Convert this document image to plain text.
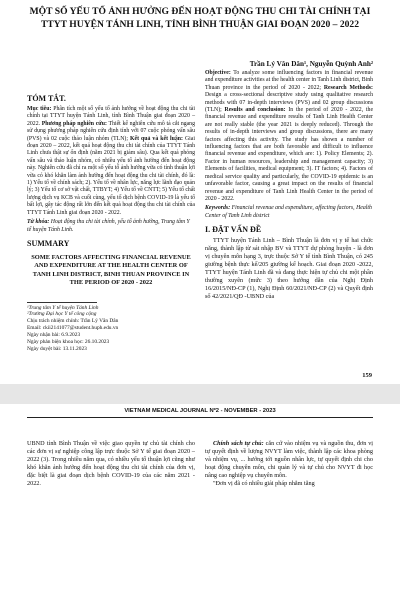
MỘT SỐ YẾU TỐ ẢNH HƯỞNG ĐẾN HOẠT ĐỘNG THU CHI TÀI CHÍNH TẠI TTYT HUYỆN TÁNH LINH, TỈNH BÌNH THUẬN GIAI ĐOẠN 2020 – 2022
Trần Lý Văn Dân¹, Nguyễn Quỳnh Anh²
TÓM TẮT.

Mục tiêu: Phân tích một số yếu tố ảnh hưởng về hoạt động thu chi tài chính tại TTYT huyện Tánh Linh, tỉnh Bình Thuận giai đoạn 2020 – 2022. Phương pháp nghiên cứu: Thiết kế nghiên cứu mô tả cắt ngang sử dụng phương pháp nghiên cứu định tính với 07 cuộc phỏng vấn sâu (PVS) và 02 cuộc thảo luận nhóm (TLN); Kết quả và kết luận: Giai đoạn 2020 – 2022, kết quả hoạt động thu chi tài chính của TTYT Tánh Linh chưa thật sự ổn định (năm 2021 bị giảm sâu). Qua kết quả phỏng vấn sâu và thảo luận nhóm, có nhiều yếu tố ảnh hưởng đến hoạt động này. Nghiên cứu đã chỉ ra một số yếu tố ảnh hưởng vừa có tính thuận lợi vừa có khó khăn làm ảnh hưởng đến hoạt động thu chi tài chính, đó là: 1) Yếu tố về chính sách; 2). Yếu tố về nhân lực, năng lực lãnh đạo quản lý; 3) Yếu tố cơ sở vật chất, TTBYT; 4) Yếu tố về CNTT; 5) Yếu tố chất lượng dịch vụ KCB và cuối cùng, yếu tố dịch bệnh COVID-19 là yếu tố bất lợi, gây tác động rất lớn đến kết quả hoạt động thu chi tài chính của TTYT Tánh Linh giai đoạn 2020 - 2022.

Từ khóa: Hoạt động thu chi tài chính, yếu tố ảnh hưởng, Trung tâm Y tế huyện Tánh Linh.
SUMMARY
SOME FACTORS AFFECTING FINANCIAL REVENUE AND EXPENDITURE AT THE HEALTH CENTER OF TANH LINH DISTRICT, BINH THUAN PROVINCE IN THE PERIOD OF 2020 - 2022
¹Trung tâm Y tế huyện Tánh Linh
²Trường Đại học Y tế công cộng
Chịu trách nhiệm chính: Trần Lý Văn Dân
Email: ckii2141077@student.huph.edu.vn
Ngày nhận bài: 6.9.2023
Ngày phản biện khoa học: 26.10.2023
Ngày duyệt bài: 13.11.2023

Objective: To analyze some influencing factors in financial revenue and expenditure activities at the health center in Tanh Linh district, Binh Thuan province in the period of 2020 - 2022; Research Methods: Design a cross-sectional descriptive study using qualitative research methods with 07 in-depth interviews (PVS) and 02 group discussions (TLN); Results and conclusion: In the period of 2020 - 2022, the financial revenue and expenditure results of Tanh Linh Health Center are not really stable (the year 2021 is deeply reduced). Through the results of in-depth interviews and group discussions, there are many factors affecting this activity. The study has shown a number of influencing factors that are both favorable and difficult to influence financial revenue and expenditure, which are: 1). Policy Elements; 2). Factor in human resources, leadership and management capacity; 3) Elements of facilities, medical equipment; 3). IT factors; 4). Factors of medical service quality and particularly, the COVID-19 epidemic is an unfavorable factor, causing a great impact on the results of financial revenue and expenditure of Tanh Linh Health Center in the period of 2020 - 2022.

Keywords: Financial revenue and expenditure, affecting factors, Health Center of Tanh Linh district
I. ĐẶT VẤN ĐỀ

TTYT huyện Tánh Linh – Bình Thuận là đơn vị y tế hai chức năng, thành lập từ sát nhập BV và TTYT dự phòng huyện - là đơn vị chuyên môn hạng 3, trực thuộc Sở Y tế tỉnh Bình Thuận, có 245 giường bệnh thực kế/205 giường kế hoạch. Giai đoạn 2020 -2022, TTYT huyện Tánh Linh đã và đang thực hiện tự chủ chi một phần thường xuyên (mức 3) theo hướng dẫn của Nghị Định 16/2015/NĐ-CP (1), Nghị Định 60/2021/NĐ-CP (2) và Quyết định số 42/2021/QĐ -UBND của

159
VIETNAM MEDICAL JOURNAL Nº2 - NOVEMBER - 2023

UBND tỉnh Bình Thuận về việc giao quyền tự chủ tài chính cho các đơn vị sự nghiệp công lập trực thuộc Sở Y tế giai đoạn 2020 – 2022 (3). Trong nhiều năm qua, có nhiều yếu tố thuận lợi cũng như khó khăn ảnh hưởng đến hoạt động thu chi tài chính của đơn vị, đặc biệt là giai đoạn dịch bệnh COVID-19 của các năm 2021 - 2022.

Chính sách tự chủ: căn cứ vào nhiệm vụ và nguồn thu, đơn vị tự quyết định về lượng NVYT làm việc, thành lập các khoa phòng và nhiệm vụ, ... hướng tới nguồn nhân lực, tự quyết định chi cho hoạt động chuyên môn, chi quản lý và tự chủ cho NVYT đi học nâng cao nghiệp vụ chuyên môn.

"Đơn vị đã có nhiều giải pháp nhằm tăng
